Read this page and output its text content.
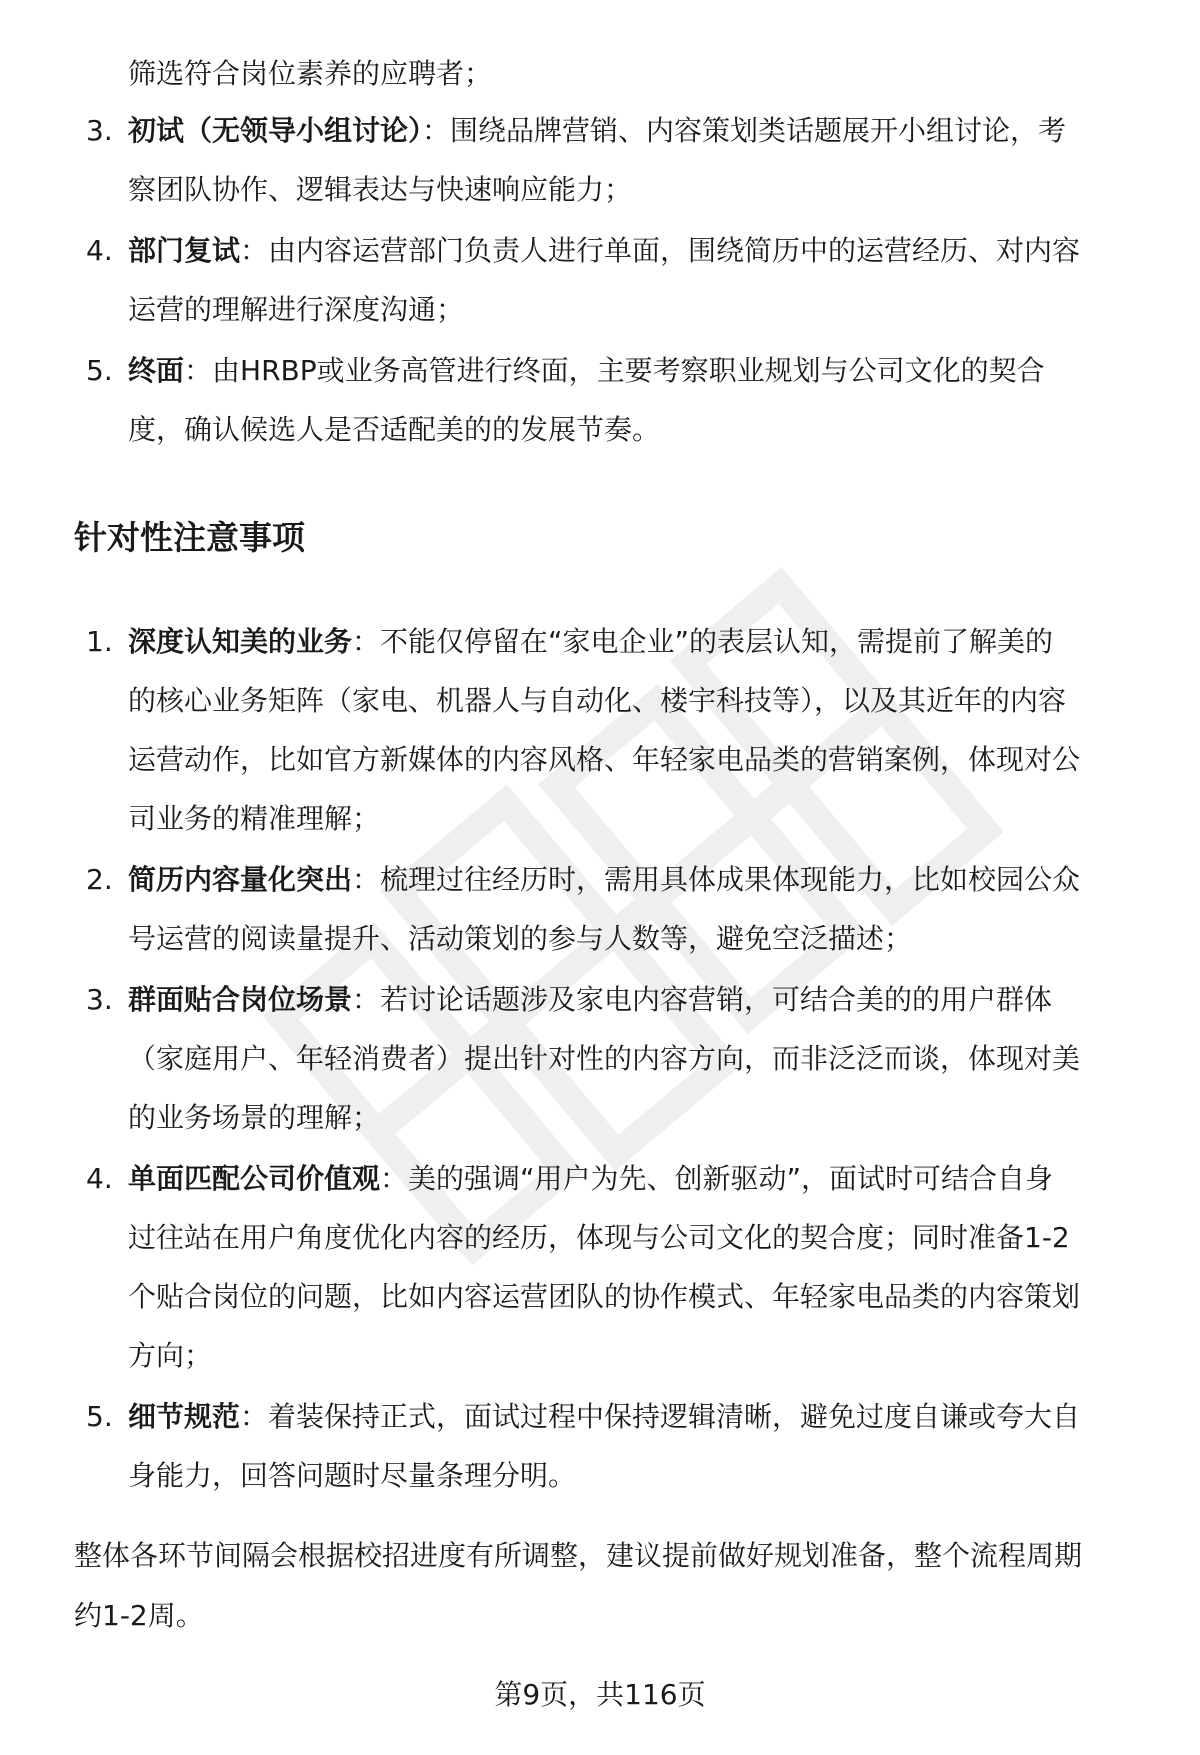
筛选符合岗位素养的应聘者；
3. 初试（无领导小组讨论）：围绕品牌营销、内容策划类话题展开小组讨论，考
察团队协作、逻辑表达与快速响应能力；
4. 部门复试：由内容运营部门负责人进行单面，围绕简历中的运营经历、对内容
运营的理解进行深度沟通；
5. 终面：由HRBP或业务高管进行终面，主要考察职业规划与公司文化的契合
度，确认候选人是否适配美的的发展节奏。
针对性注意事项
1. 深度认知美的业务：不能仅停留在“家电企业”的表层认知，需提前了解美的
的核心业务矩阵（家电、机器人与自动化、楼宇科技等），以及其近年的内容
运营动作，比如官方新媒体的内容风格、年轻家电品类的营销案例，体现对公
司业务的精准理解；
2. 简历内容量化突出：梳理过往经历时，需用具体成果体现能力，比如校园公众
号运营的阅读量提升、活动策划的参与人数等，避免空泛描述；
3. 群面贴合岗位场景：若讨论话题涉及家电内容营销，可结合美的的用户群体
（家庭用户、年轻消费者）提出针对性的内容方向，而非泛泛而谈，体现对美
的业务场景的理解；
4. 单面匹配公司价值观：美的强调“用户为先、创新驱动”，面试时可结合自身
过往站在用户角度优化内容的经历，体现与公司文化的契合度；同时准备1-2
个贴合岗位的问题，比如内容运营团队的协作模式、年轻家电品类的内容策划
方向；
5. 细节规范：着装保持正式，面试过程中保持逻辑清晰，避免过度自谦或夸大自
身能力，回答问题时尽量条理分明。

整体各环节间隔会根据校招进度有所调整，建议提前做好规划准备，整个流程周期
约1-2周。

第9页，共116页
